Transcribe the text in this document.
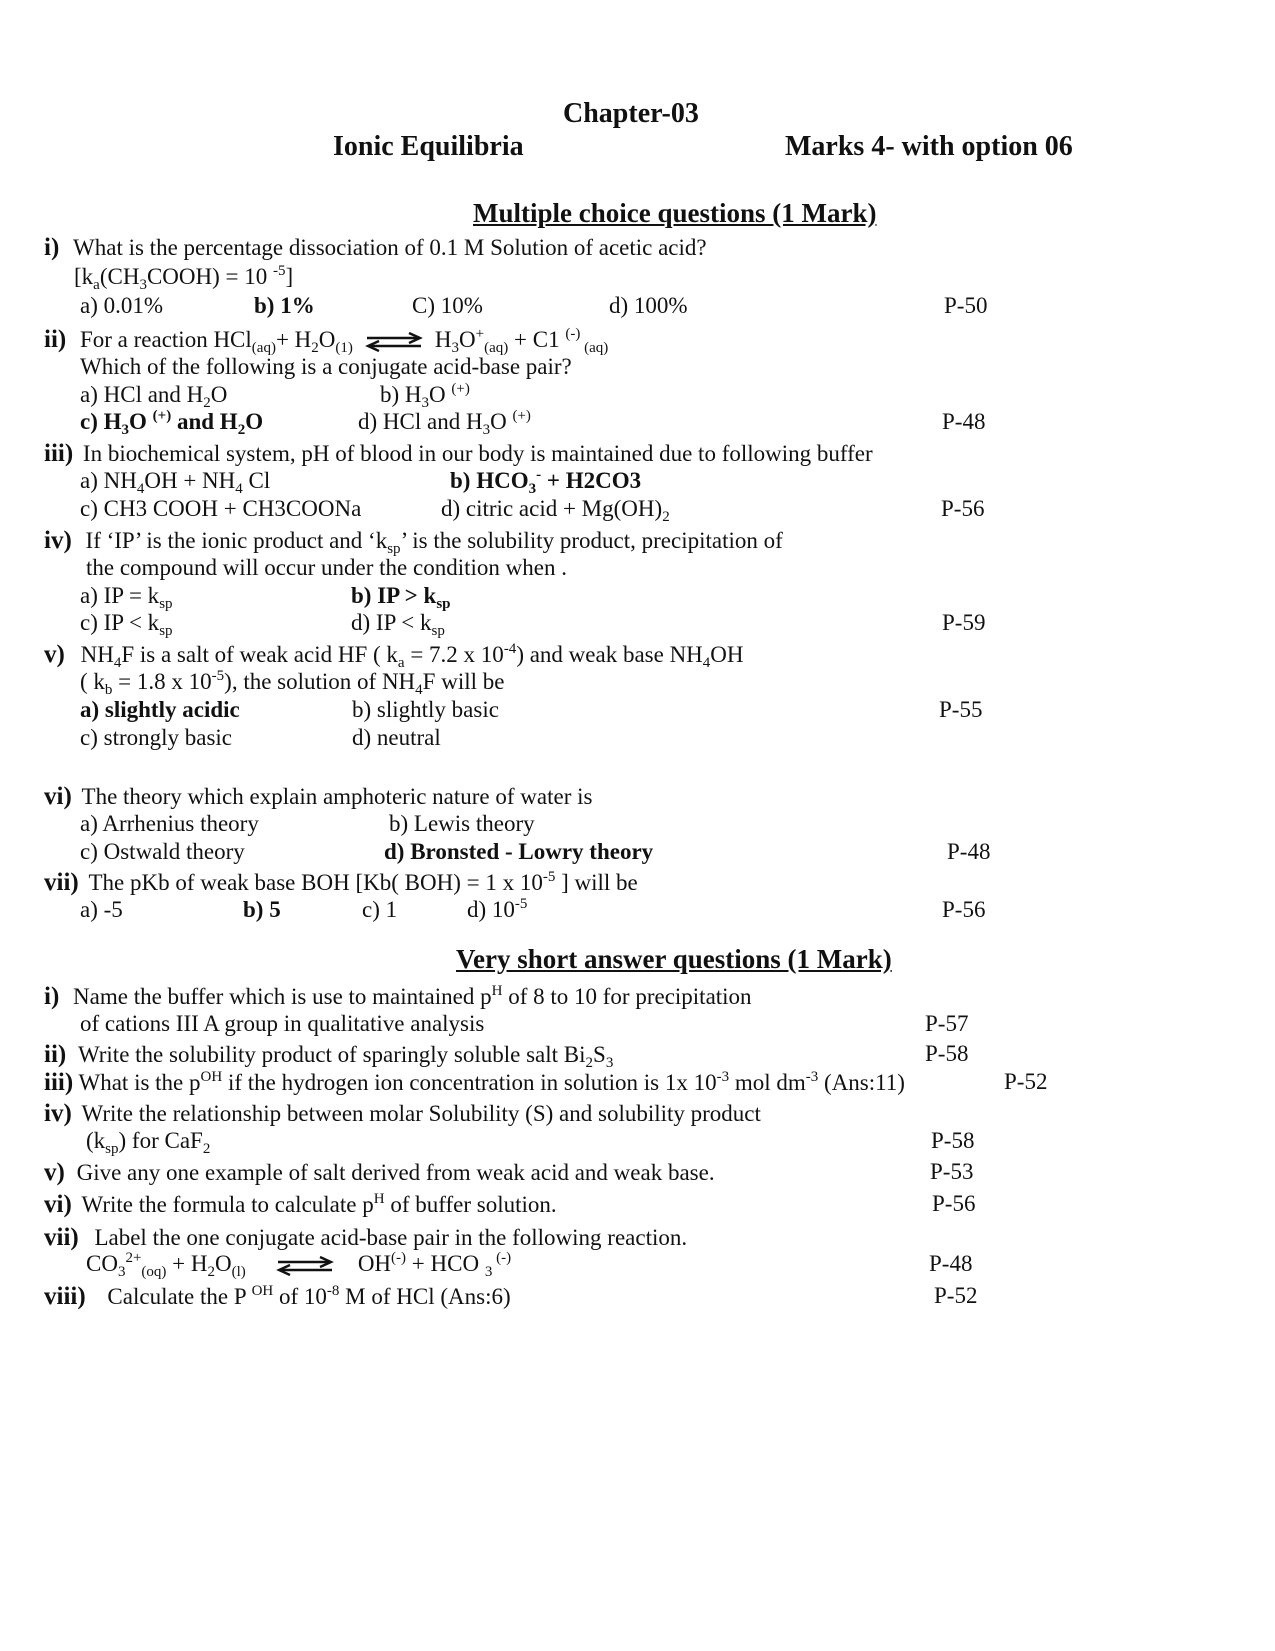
Chapter-03
Ionic Equilibria	Marks 4- with option 06
Multiple choice questions (1 Mark)
i) What is the percentage dissociation of 0.1 M Solution of acetic acid?
[$k_a(CH_3COOH) = 10$ $^{-5}$]
a) 0.01%	b) 1%	C) 10%	d) 100%	P-50
ii) For a reaction $HCl_{(aq)}+ H_2O_{(1)}$ ⇌ $H_3O^+_{(aq)} + C1$ (-) $_{(aq)}$
Which of the following is a conjugate acid-base pair?
a) HCl and $H_2O$	b) $H_3O$ (+)
c) $H_3O$ (+) and $H_2O$	d) HCl and $H_3O$ (+)	P-48
iii) In biochemical system, pH of blood in our body is maintained due to following buffer
a) $NH_4OH + NH_4$ Cl	b) $HCO_3^- + H2CO3$
c) CH3 COOH + CH3COONa	d) citric acid + $Mg(OH)_2$	P-56
iv) If ‘IP’ is the ionic product and ‘$k_{sp}$’ is the solubility product, precipitation of
the compound will occur under the condition when .
a) IP = $k_{sp}$	b) IP > $k_{sp}$
c) IP < $k_{sp}$	d) IP < $k_{sp}$	P-59
v) $NH_4F$ is a salt of weak acid HF ( $k_a = 7.2$ x $10^{-4}$) and weak base $NH_4OH$
( $k_b = 1.8$ x $10^{-5}$), the solution of $NH_4F$ will be
a) slightly acidic	b) slightly basic
c) strongly basic	d) neutral
P-55
vi) The theory which explain amphoteric nature of water is
a) Arrhenius theory	b) Lewis theory
c) Ostwald theory	d) Bronsted - Lowry theory	P-48
vii) The pKb of weak base BOH [Kb( BOH) = 1 x $10^{-5}$ ] will be
a) -5	b) 5	c) 1	d) $10^{-5}$	P-56
Very short answer questions (1 Mark)
i) Name the buffer which is use to maintained $p^H$ of 8 to 10 for precipitation
of cations III A group in qualitative analysis	P-57
ii) Write the solubility product of sparingly soluble salt $Bi_2S_3$	P-58
iii) What is the $p^{OH}$ if the hydrogen ion concentration in solution is 1x $10^{-3}$ mol $dm^{-3}$ (Ans:11)	P-52
iv) Write the relationship between molar Solubility (S) and solubility product
$(k_{sp})$ for CaF$_2$	P-58
v) Give any one example of salt derived from weak acid and weak base.	P-53
vi) Write the formula to calculate $p^H$ of buffer solution.	P-56
vii) Label the one conjugate acid-base pair in the following reaction.
$CO_3^{2+}_{(oq)} + H_2O_{(l)}$ ⇌ OH(-) + HCO $_3$ (-)	P-48
viii) Calculate the P $^{OH}$ of $10^{-8}$ M of HCl (Ans:6)	P-52
